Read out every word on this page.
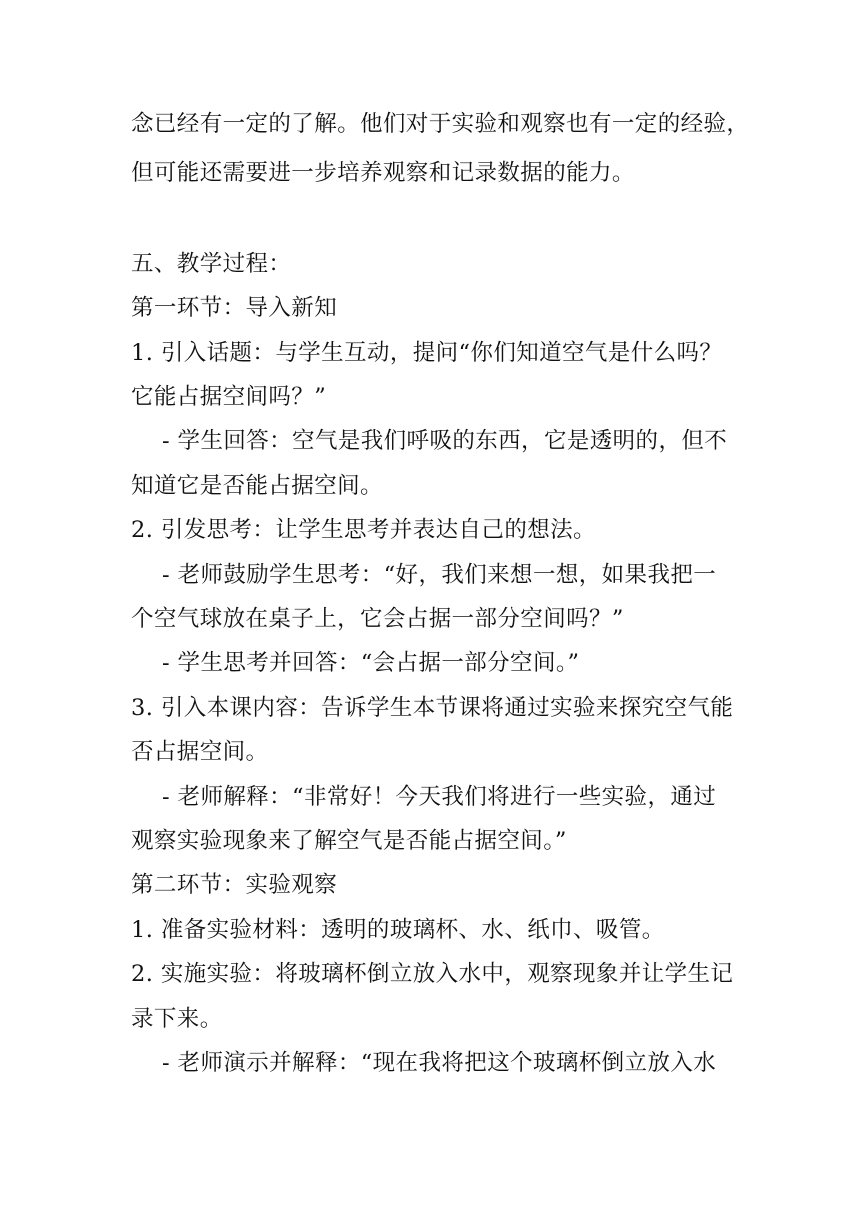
念已经有一定的了解。他们对于实验和观察也有一定的经验，
但可能还需要进一步培养观察和记录数据的能力。
五、教学过程：
第一环节：导入新知
1. 引入话题：与学生互动，提问“你们知道空气是什么吗？
它能占据空间吗？”
- 学生回答：空气是我们呼吸的东西，它是透明的，但不
知道它是否能占据空间。
2. 引发思考：让学生思考并表达自己的想法。
- 老师鼓励学生思考：“好，我们来想一想，如果我把一
个空气球放在桌子上，它会占据一部分空间吗？”
- 学生思考并回答：“会占据一部分空间。”
3. 引入本课内容：告诉学生本节课将通过实验来探究空气能
否占据空间。
- 老师解释：“非常好！今天我们将进行一些实验，通过
观察实验现象来了解空气是否能占据空间。”
第二环节：实验观察
1. 准备实验材料：透明的玻璃杯、水、纸巾、吸管。
2. 实施实验：将玻璃杯倒立放入水中，观察现象并让学生记
录下来。
- 老师演示并解释：“现在我将把这个玻璃杯倒立放入水
